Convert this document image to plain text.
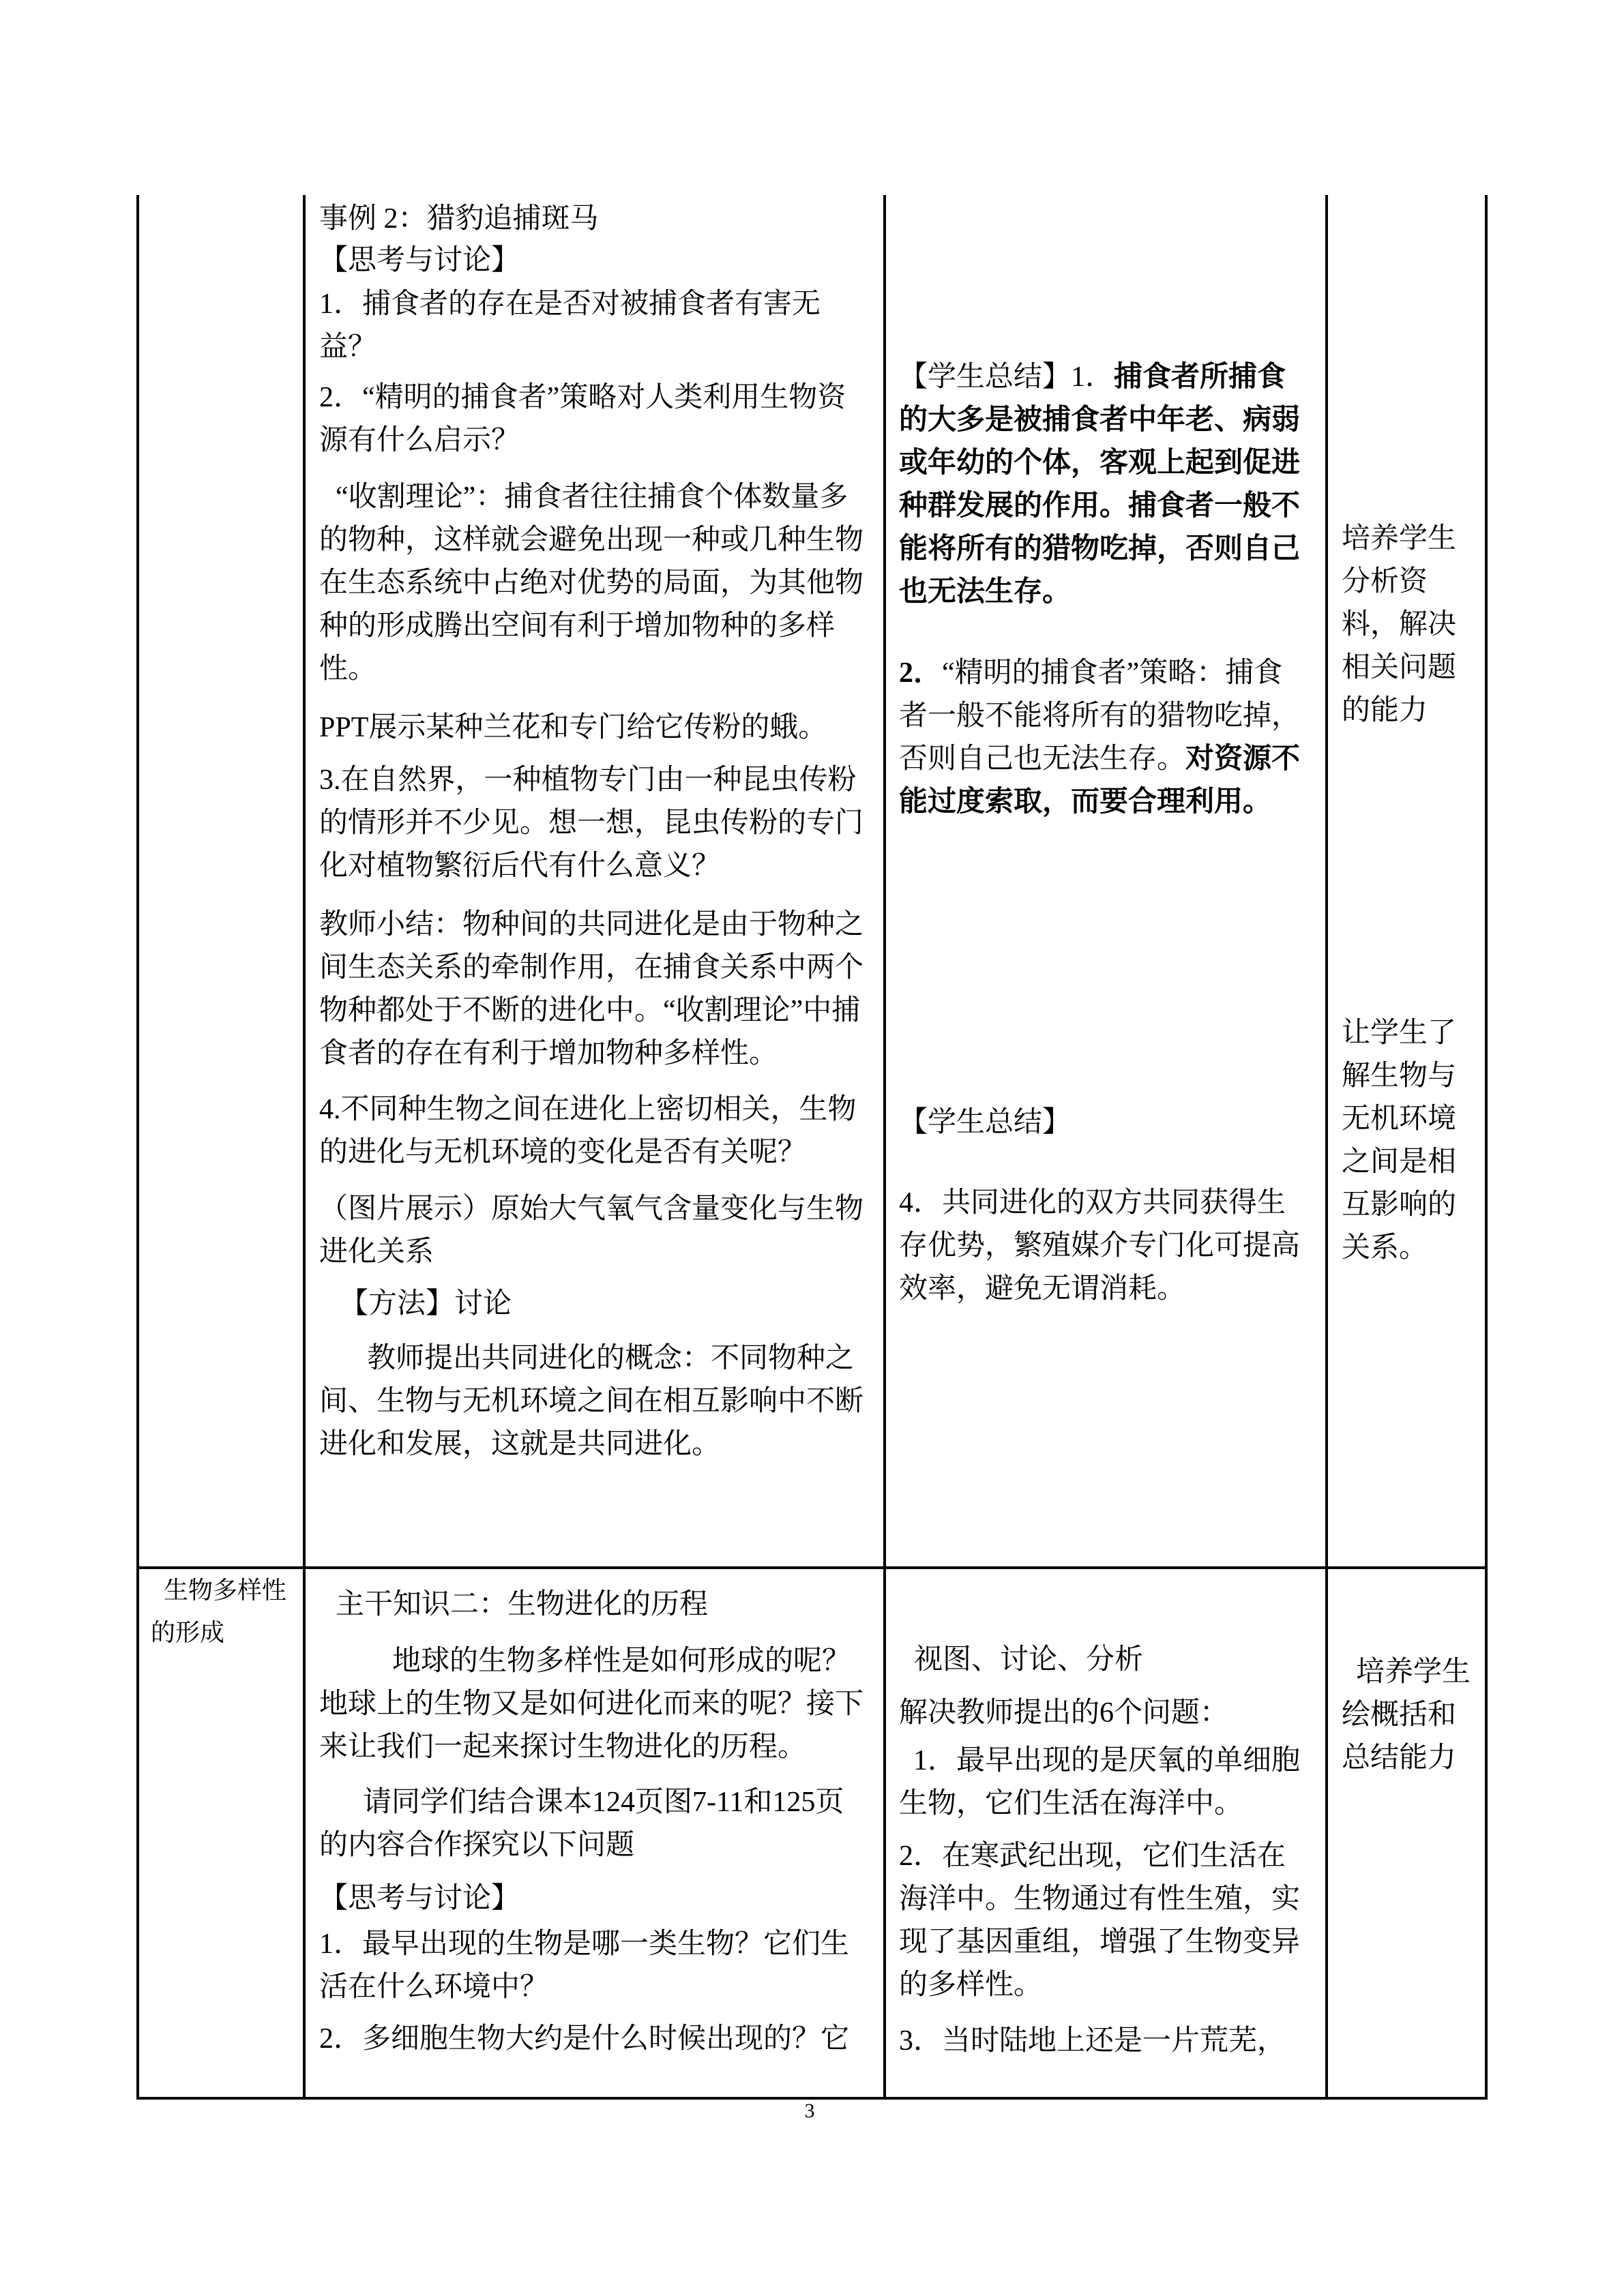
事例 2：猎豹追捕斑马

【思考与讨论】

1．捕食者的存在是否对被捕食者有害无益？

2．“精明的捕食者”策略对人类利用生物资源有什么启示？

“收割理论”：捕食者往往捕食个体数量多的物种，这样就会避免出现一种或几种生物在生态系统中占绝对优势的局面，为其他物种的形成腾出空间有利于增加物种的多样性。

PPT展示某种兰花和专门给它传粉的蛾。

3.在自然界，一种植物专门由一种昆虫传粉的情形并不少见。想一想，昆虫传粉的专门化对植物繁衍后代有什么意义？

教师小结：物种间的共同进化是由于物种之间生态关系的牵制作用，在捕食关系中两个物种都处于不断的进化中。“收割理论”中捕食者的存在有利于增加物种多样性。

4.不同种生物之间在进化上密切相关，生物的进化与无机环境的变化是否有关呢？

（图片展示）原始大气氧气含量变化与生物进化关系

【方法】讨论

教师提出共同进化的概念：不同物种之间、生物与无机环境之间在相互影响中不断进化和发展，这就是共同进化。

【学生总结】1．捕食者所捕食的大多是被捕食者中年老、病弱或年幼的个体，客观上起到促进种群发展的作用。捕食者一般不能将所有的猎物吃掉，否则自己也无法生存。

2．“精明的捕食者”策略：捕食者一般不能将所有的猎物吃掉，否则自己也无法生存。对资源不能过度索取，而要合理利用。

【学生总结】

4．共同进化的双方共同获得生存优势，繁殖媒介专门化可提高效率，避免无谓消耗。

培养学生分析资料，解决相关问题的能力

让学生了解生物与无机环境之间是相互影响的关系。

生物多样性的形成

主干知识二：生物进化的历程

地球的生物多样性是如何形成的呢？地球上的生物又是如何进化而来的呢？接下来让我们一起来探讨生物进化的历程。

请同学们结合课本124页图7-11和125页的内容合作探究以下问题

【思考与讨论】

1．最早出现的生物是哪一类生物？它们生活在什么环境中？

2．多细胞生物大约是什么时候出现的？它

视图、讨论、分析

解决教师提出的6个问题：

1．最早出现的是厌氧的单细胞生物，它们生活在海洋中。

2．在寒武纪出现，它们生活在海洋中。生物通过有性生殖，实现了基因重组，增强了生物变异的多样性。

3．当时陆地上还是一片荒芜，

培养学生绘概括和总结能力

3
